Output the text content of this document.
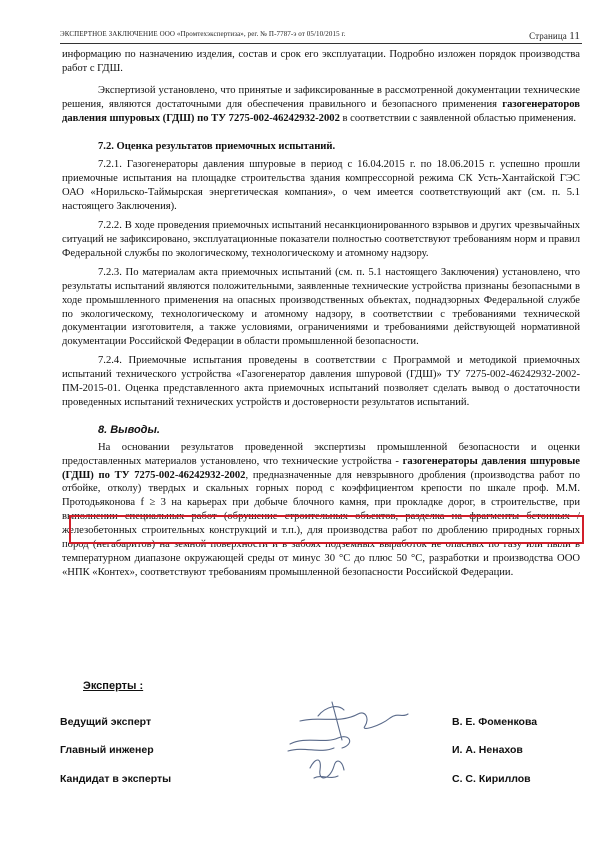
ЭКСПЕРТНОЕ ЗАКЛЮЧЕНИЕ ООО «Промтехэкспертиза», рег. № П-7787-э от 05/10/2015 г.	Страница 11

информацию по назначению изделия, состав и срок его эксплуатации. Подробно изложен порядок производства работ с ГДШ.

Экспертизой установлено, что принятые и зафиксированные в рассмотренной документации технические решения, являются достаточными для обеспечения правильного и безопасного применения газогенераторов давления шпуровых (ГДШ) по ТУ 7275-002-46242932-2002 в соответствии с заявленной областью применения.

7.2. Оценка результатов приемочных испытаний.

7.2.1. Газогенераторы давления шпуровые в период с 16.04.2015 г. по 18.06.2015 г. успешно прошли приемочные испытания на площадке строительства здания компрессорной режима СК Усть-Хантайской ГЭС ОАО «Норильско-Таймырская энергетическая компания», о чем имеется соответствующий акт (см. п. 5.1 настоящего Заключения).

7.2.2. В ходе проведения приемочных испытаний несанкционированного взрывов и других чрезвычайных ситуаций не зафиксировано, эксплуатационные показатели полностью соответствуют требованиям норм и правил Федеральной службы по экологическому, технологическому и атомному надзору.

7.2.3. По материалам акта приемочных испытаний (см. п. 5.1 настоящего Заключения) установлено, что результаты испытаний являются положительными, заявленные технические устройства признаны безопасными в ходе промышленного применения на опасных производственных объектах, поднадзорных Федеральной службе по экологическому, технологическому и атомному надзору, в соответствии с требованиями технической документации изготовителя, а также условиями, ограничениями и требованиями действующей нормативной документации Российской Федерации в области промышленной безопасности.

7.2.4. Приемочные испытания проведены в соответствии с Программой и методикой приемочных испытаний технического устройства «Газогенератор давления шпуровой (ГДШ)» ТУ 7275-002-46242932-2002-ПМ-2015-01. Оценка представленного акта приемочных испытаний позволяет сделать вывод о достаточности проведенных испытаний технических устройств и достоверности результатов испытаний.

8. Выводы.

На основании результатов проведенной экспертизы промышленной безопасности и оценки предоставленных материалов установлено, что технические устройства - газогенераторы давления шпуровые (ГДШ) по ТУ 7275-002-46242932-2002, предназначенные для невзрывного дробления (производства работ по отбойке, отколу) твердых и скальных горных пород с коэффициентом крепости по шкале проф. М.М. Протодьяконова f ≥ 3 на карьерах при добыче блочного камня, при прокладке дорог, в строительстве, при выполнении специальных работ (обрушение строительных объектов, разделка на фрагменты бетонных / железобетонных строительных конструкций и т.п.), для производства работ по дроблению природных горных пород (негабаритов) на земной поверхности и в забоях подземных выработок не опасных по газу или пыли в температурном диапазоне окружающей среды от минус 30 °С до плюс 50 °С, разработки и производства ООО «НПК «Контех», соответствуют требованиям промышленной безопасности Российской Федерации.

Эксперты :
Ведущий эксперт	В. Е. Фоменкова
Главный инженер	И. А. Ненахов
Кандидат в эксперты	С. С. Кириллов
